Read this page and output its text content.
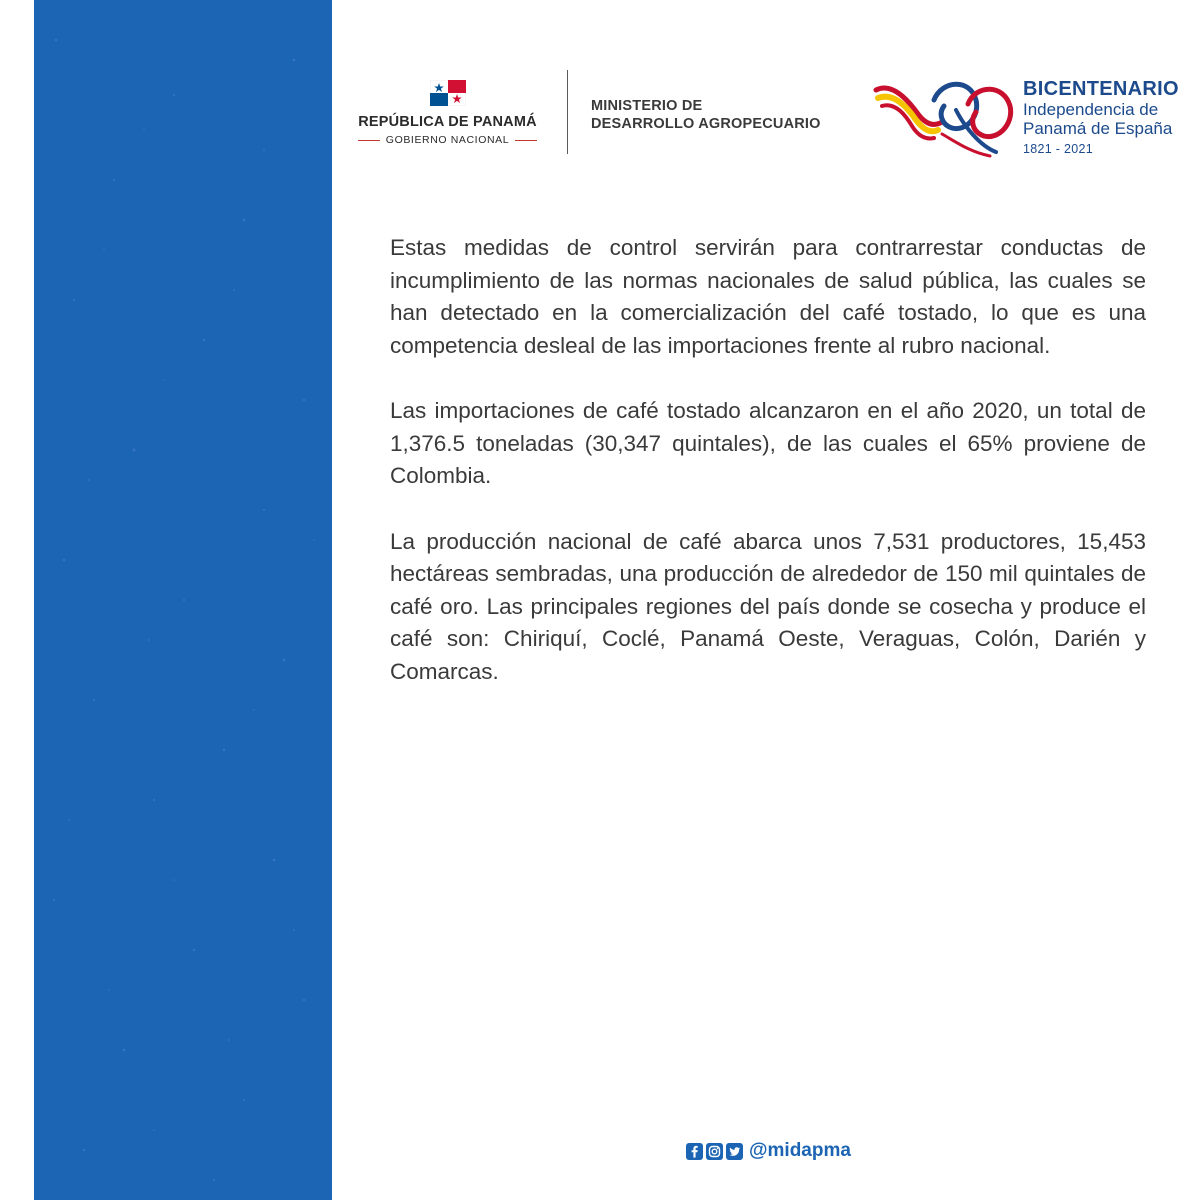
REPÚBLICA DE PANAMÁ
GOBIERNO NACIONAL
MINISTERIO DE
DESARROLLO AGROPECUARIO
BICENTENARIO
Independencia de
Panamá de España
1821 - 2021

Estas medidas de control servirán para contrarrestar conductas de incumplimiento de las normas nacionales de salud pública, las cuales se han detectado en la comercialización del café tostado, lo que es una competencia desleal de las importaciones frente al rubro nacional.

Las importaciones de café tostado alcanzaron en el año 2020, un total de 1,376.5 toneladas (30,347 quintales), de las cuales el 65% proviene de Colombia.

La producción nacional de café abarca unos 7,531 productores, 15,453 hectáreas sembradas, una producción de alrededor de 150 mil quintales de café oro. Las principales regiones del país donde se cosecha y produce el café son: Chiriquí, Coclé, Panamá Oeste, Veraguas, Colón, Darién y Comarcas.

@midapma
